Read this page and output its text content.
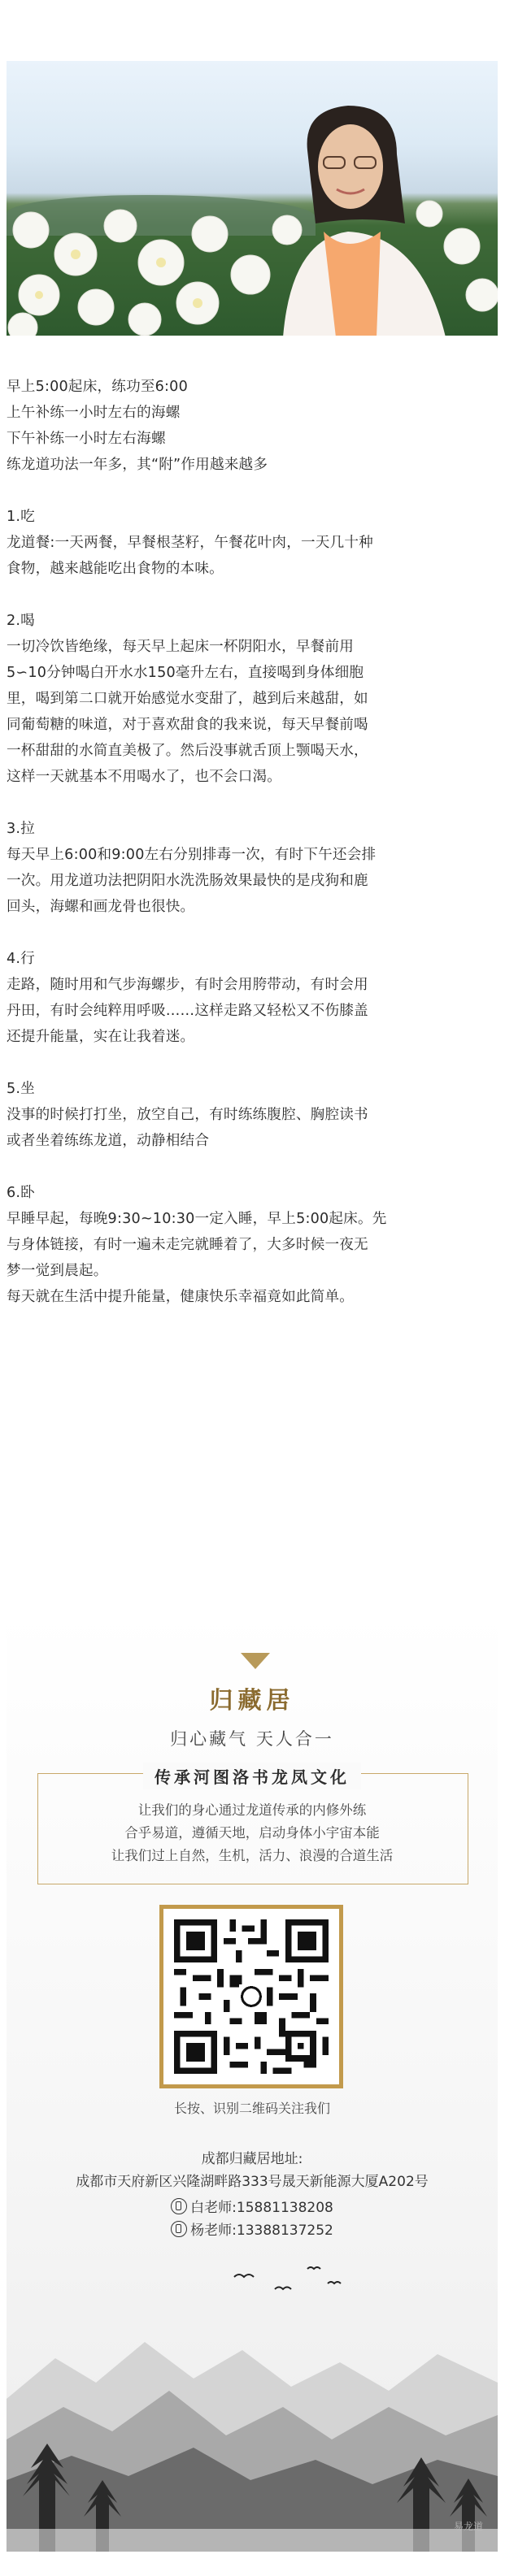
早上5:00起床，练功至6:00

上午补练一小时左右的海螺

下午补练一小时左右海螺

练龙道功法一年多，其“附”作用越来越多

1.吃

龙道餐:一天两餐，早餐根茎籽，午餐花叶肉，一天几十种

食物，越来越能吃出食物的本味。

2.喝

一切冷饮皆绝缘，每天早上起床一杯阴阳水，早餐前用

5∽10分钟喝白开水水150毫升左右，直接喝到身体细胞

里，喝到第二口就开始感觉水变甜了，越到后来越甜，如

同葡萄糖的味道，对于喜欢甜食的我来说，每天早餐前喝

一杯甜甜的水简直美极了。然后没事就舌顶上颚喝天水，

这样一天就基本不用喝水了，也不会口渴。

3.拉

每天早上6:00和9:00左右分别排毒一次，有时下午还会排

一次。用龙道功法把阴阳水洗洗肠效果最快的是戌狗和鹿

回头，海螺和画龙骨也很快。

4.行

走路，随时用和气步海螺步，有时会用胯带动，有时会用

丹田，有时会纯粹用呼吸……这样走路又轻松又不伤膝盖

还提升能量，实在让我着迷。

5.坐

没事的时候打打坐，放空自己，有时练练腹腔、胸腔读书

或者坐着练练龙道，动静相结合

6.卧

早睡早起，每晚9:30~10:30一定入睡，早上5:00起床。先

与身体链接，有时一遍未走完就睡着了，大多时候一夜无

梦一觉到晨起。

每天就在生活中提升能量，健康快乐幸福竟如此简单。

归藏居
归心藏气 天人合一
传承河图洛书龙凤文化
让我们的身心通过龙道传承的内修外练
合乎易道，遵循天地，启动身体小宇宙本能
让我们过上自然，生机，活力、浪漫的合道生活
长按、识别二维码关注我们
成都归藏居地址:
成都市天府新区兴隆湖畔路333号晟天新能源大厦A202号
白老师:15881138208
杨老师:13388137252
易龙道
